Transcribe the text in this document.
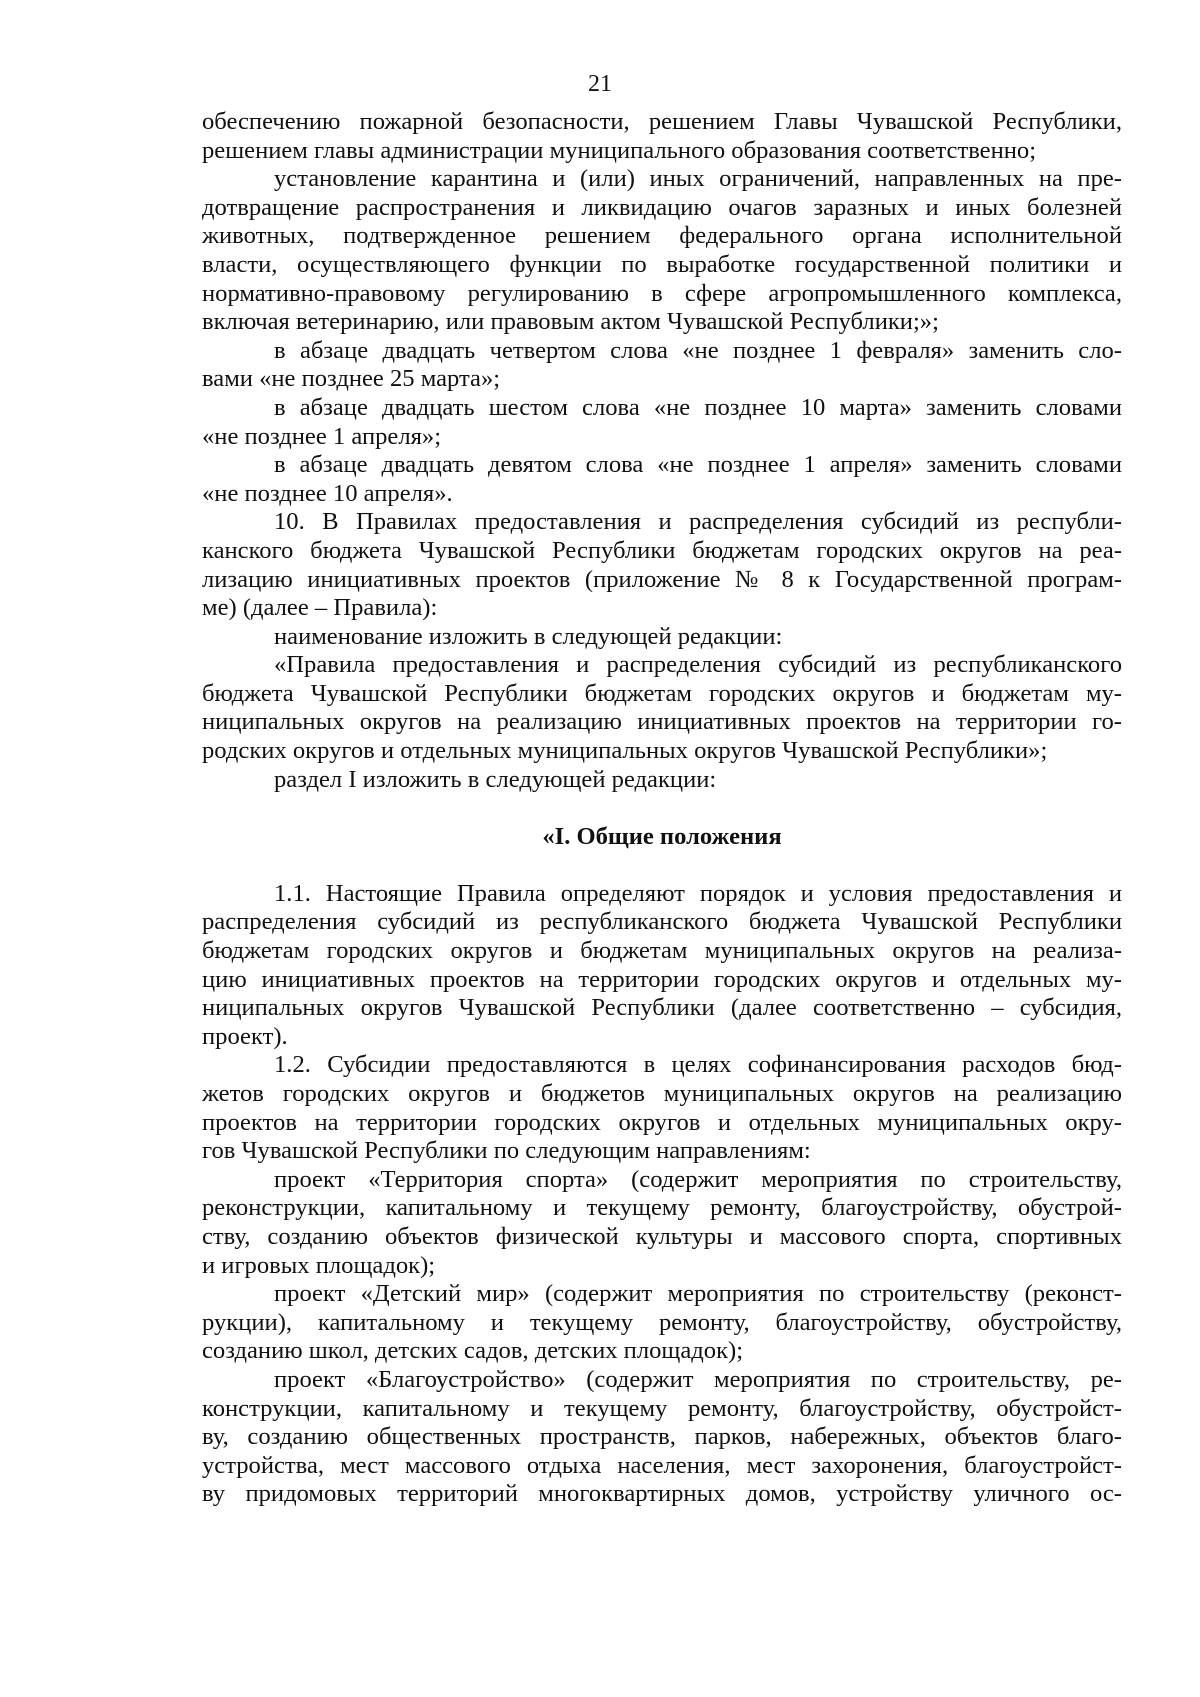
21

обеспечению пожарной безопасности, решением Главы Чувашской Республики,

решением главы администрации муниципального образования соответственно;

установление карантина и (или) иных ограничений, направленных на пре-

дотвращение распространения и ликвидацию очагов заразных и иных болезней

животных, подтвержденное решением федерального органа исполнительной

власти, осуществляющего функции по выработке государственной политики и

нормативно-правовому регулированию в сфере агропромышленного комплекса,

включая ветеринарию, или правовым актом Чувашской Республики;»;

в абзаце двадцать четвертом слова «не позднее 1 февраля» заменить сло-

вами «не позднее 25 марта»;

в абзаце двадцать шестом слова «не позднее 10 марта» заменить словами

«не позднее 1 апреля»;

в абзаце двадцать девятом слова «не позднее 1 апреля» заменить словами

«не позднее 10 апреля».

10. В Правилах предоставления и распределения субсидий из республи-

канского бюджета Чувашской Республики бюджетам городских округов на реа-

лизацию инициативных проектов (приложение № 8 к Государственной програм-

ме) (далее – Правила):

наименование изложить в следующей редакции:

«Правила предоставления и распределения субсидий из республиканского

бюджета Чувашской Республики бюджетам городских округов и бюджетам му-

ниципальных округов на реализацию инициативных проектов на территории го-

родских округов и отдельных муниципальных округов Чувашской Республики»;

раздел I изложить в следующей редакции:

«I. Общие положения

1.1. Настоящие Правила определяют порядок и условия предоставления и

распределения субсидий из республиканского бюджета Чувашской Республики

бюджетам городских округов и бюджетам муниципальных округов на реализа-

цию инициативных проектов на территории городских округов и отдельных му-

ниципальных округов Чувашской Республики (далее соответственно – субсидия,

проект).

1.2. Субсидии предоставляются в целях софинансирования расходов бюд-

жетов городских округов и бюджетов муниципальных округов на реализацию

проектов на территории городских округов и отдельных муниципальных окру-

гов Чувашской Республики по следующим направлениям:

проект «Территория спорта» (содержит мероприятия по строительству,

реконструкции, капитальному и текущему ремонту, благоустройству, обустрой-

ству, созданию объектов физической культуры и массового спорта, спортивных

и игровых площадок);

проект «Детский мир» (содержит мероприятия по строительству (реконст-

рукции), капитальному и текущему ремонту, благоустройству, обустройству,

созданию школ, детских садов, детских площадок);

проект «Благоустройство» (содержит мероприятия по строительству, ре-

конструкции, капитальному и текущему ремонту, благоустройству, обустройст-

ву, созданию общественных пространств, парков, набережных, объектов благо-

устройства, мест массового отдыха населения, мест захоронения, благоустройст-

ву придомовых территорий многоквартирных домов, устройству уличного ос-
